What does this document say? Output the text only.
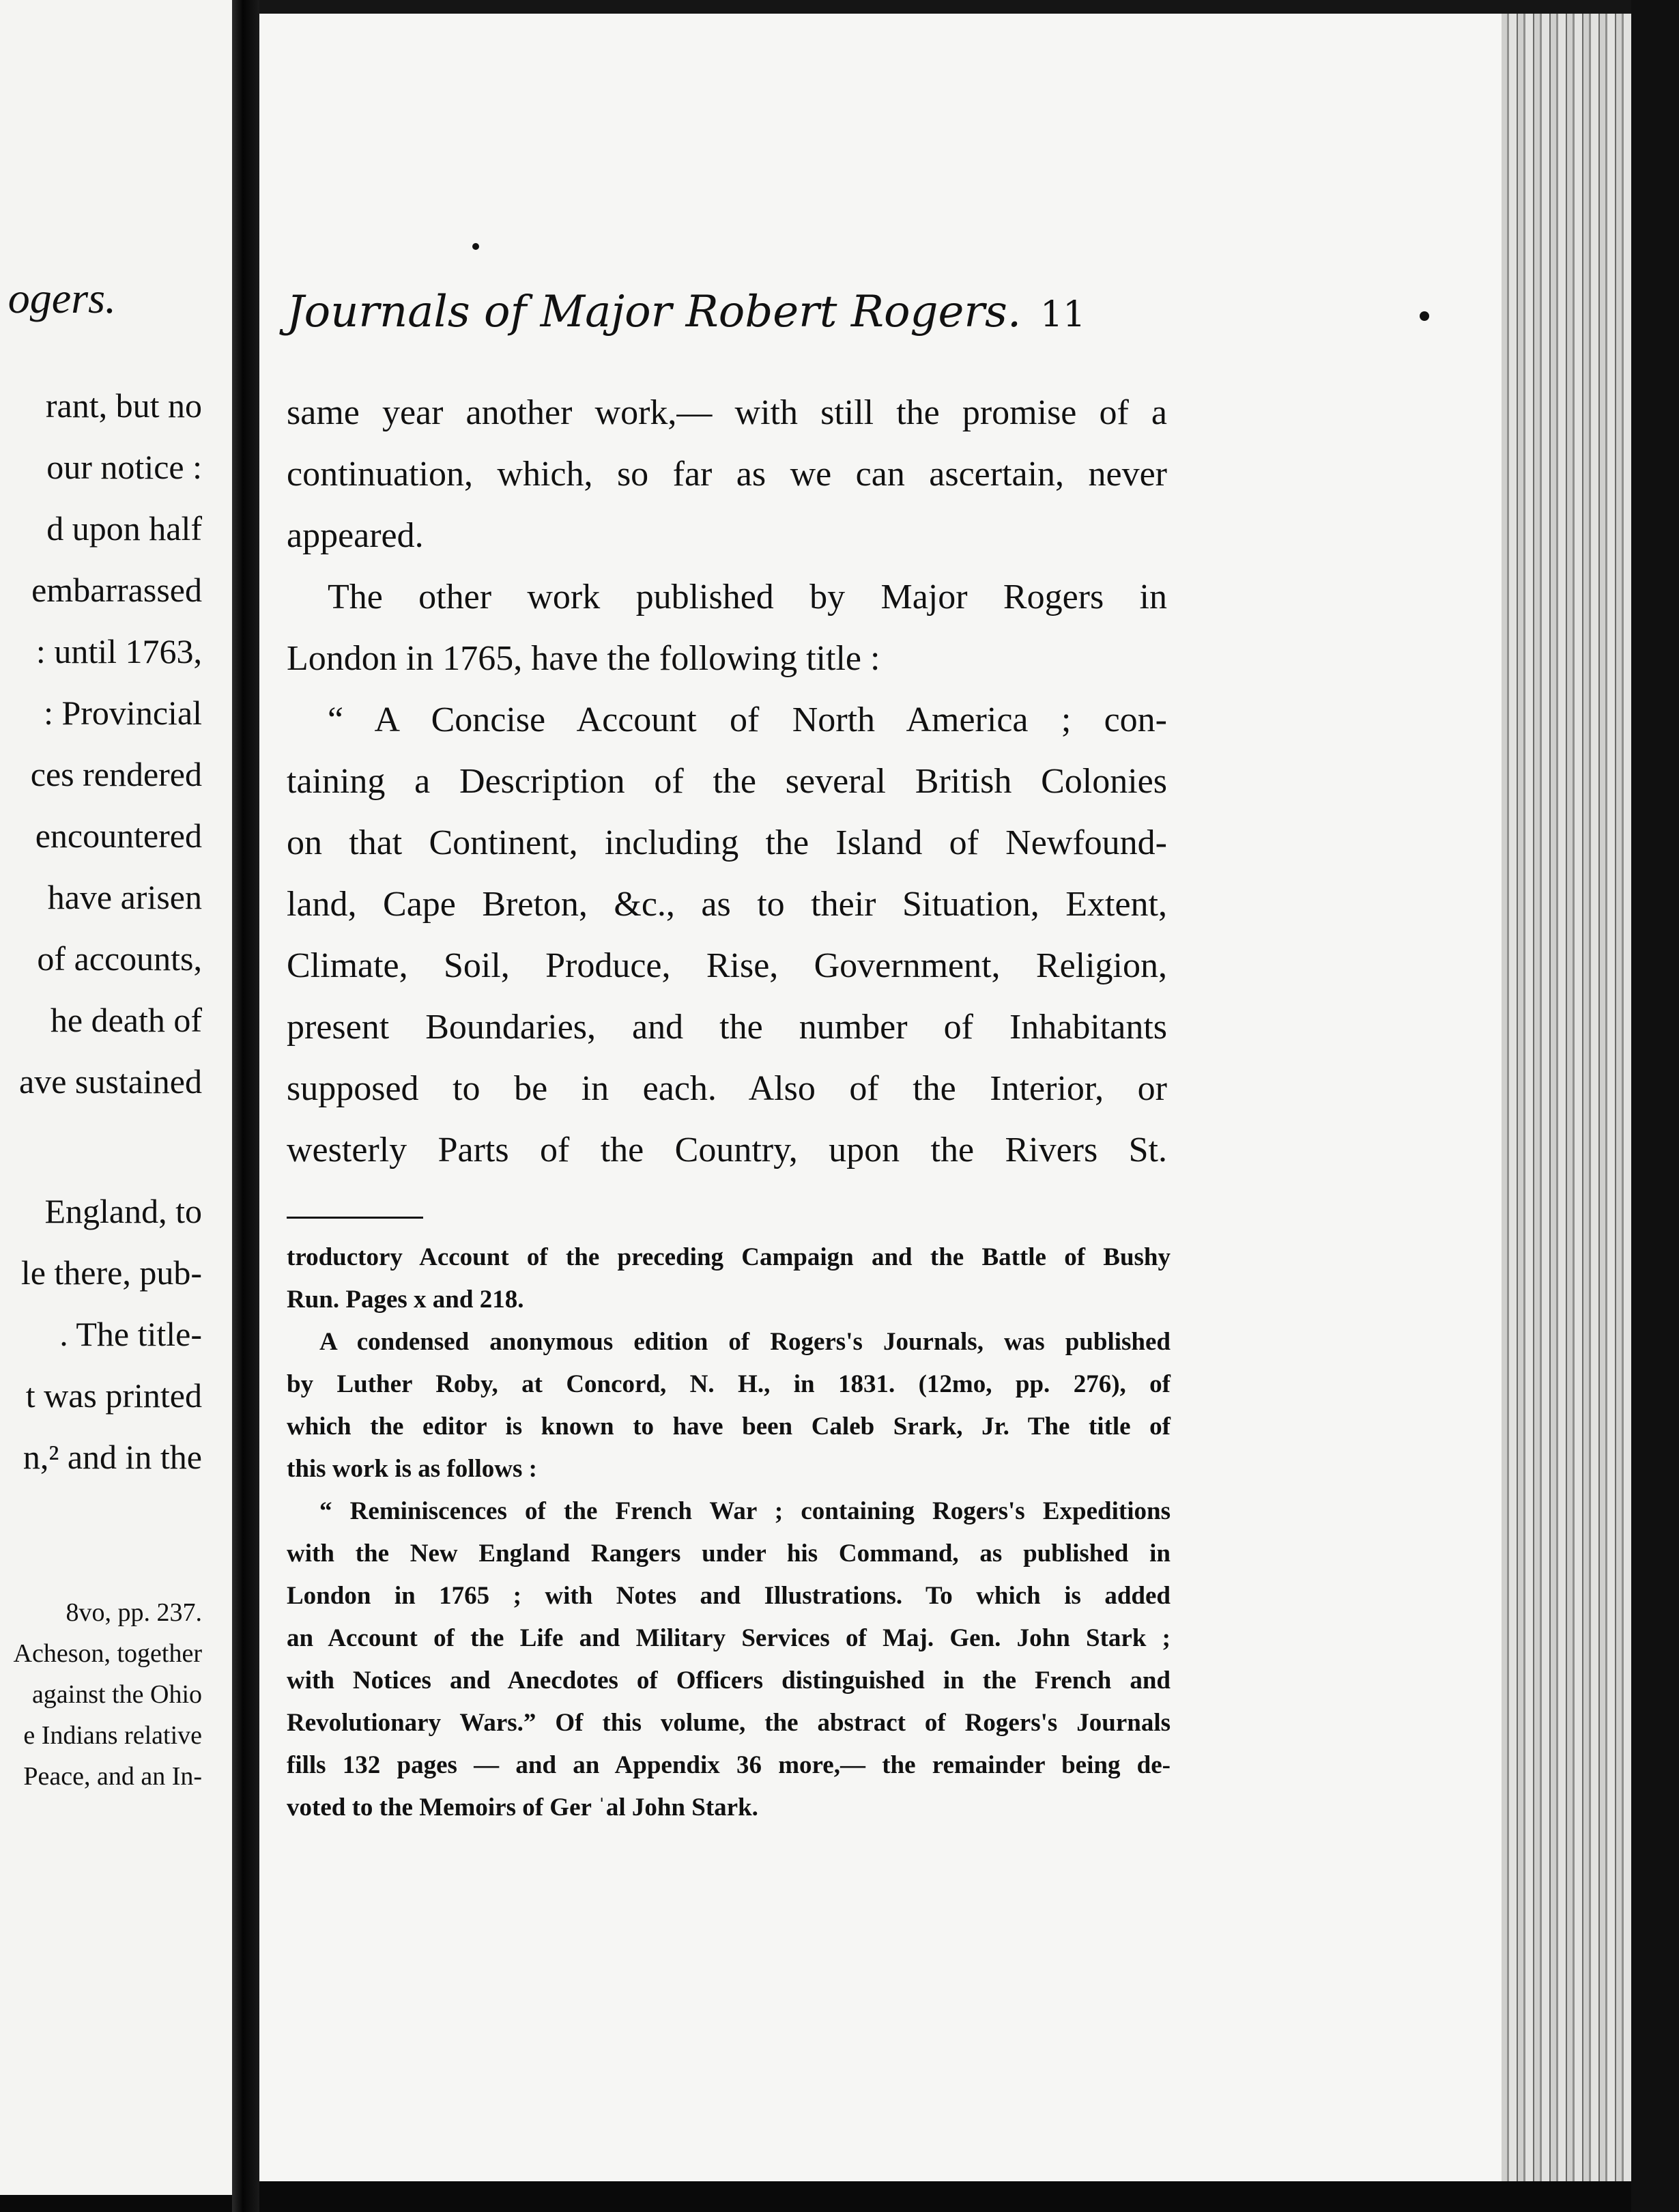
ogers.
rant, but no
our notice :
d upon half
embarrassed
: until 1763,
: Provincial
ces rendered
encountered
have arisen
of accounts,
he death of
ave sustained
England, to
le there, pub-
. The title-
t was printed
n,² and in the
8vo, pp. 237.
Acheson, together
against the Ohio
e Indians relative
Peace, and an In-
Journals of Major Robert Rogers. 11
same year another work,— with still the promise of a
continuation, which, so far as we can ascertain, never
appeared.
The other work published by Major Rogers in
London in 1765, have the following title :
“ A Concise Account of North America ; con-
taining a Description of the several British Colonies
on that Continent, including the Island of Newfound-
land, Cape Breton, &c., as to their Situation, Extent,
Climate, Soil, Produce, Rise, Government, Religion,
present Boundaries, and the number of Inhabitants
supposed to be in each. Also of the Interior, or
westerly Parts of the Country, upon the Rivers St.
troductory Account of the preceding Campaign and the Battle of Bushy
Run. Pages x and 218.
A condensed anonymous edition of Rogers's Journals, was published
by Luther Roby, at Concord, N. H., in 1831. (12mo, pp. 276), of
which the editor is known to have been Caleb Srark, Jr. The title of
this work is as follows :
“ Reminiscences of the French War ; containing Rogers's Expeditions
with the New England Rangers under his Command, as published in
London in 1765 ; with Notes and Illustrations. To which is added
an Account of the Life and Military Services of Maj. Gen. John Stark ;
with Notices and Anecdotes of Officers distinguished in the French and
Revolutionary Wars.” Of this volume, the abstract of Rogers's Journals
fills 132 pages — and an Appendix 36 more,— the remainder being de-
voted to the Memoirs of Ger ˈal John Stark.
